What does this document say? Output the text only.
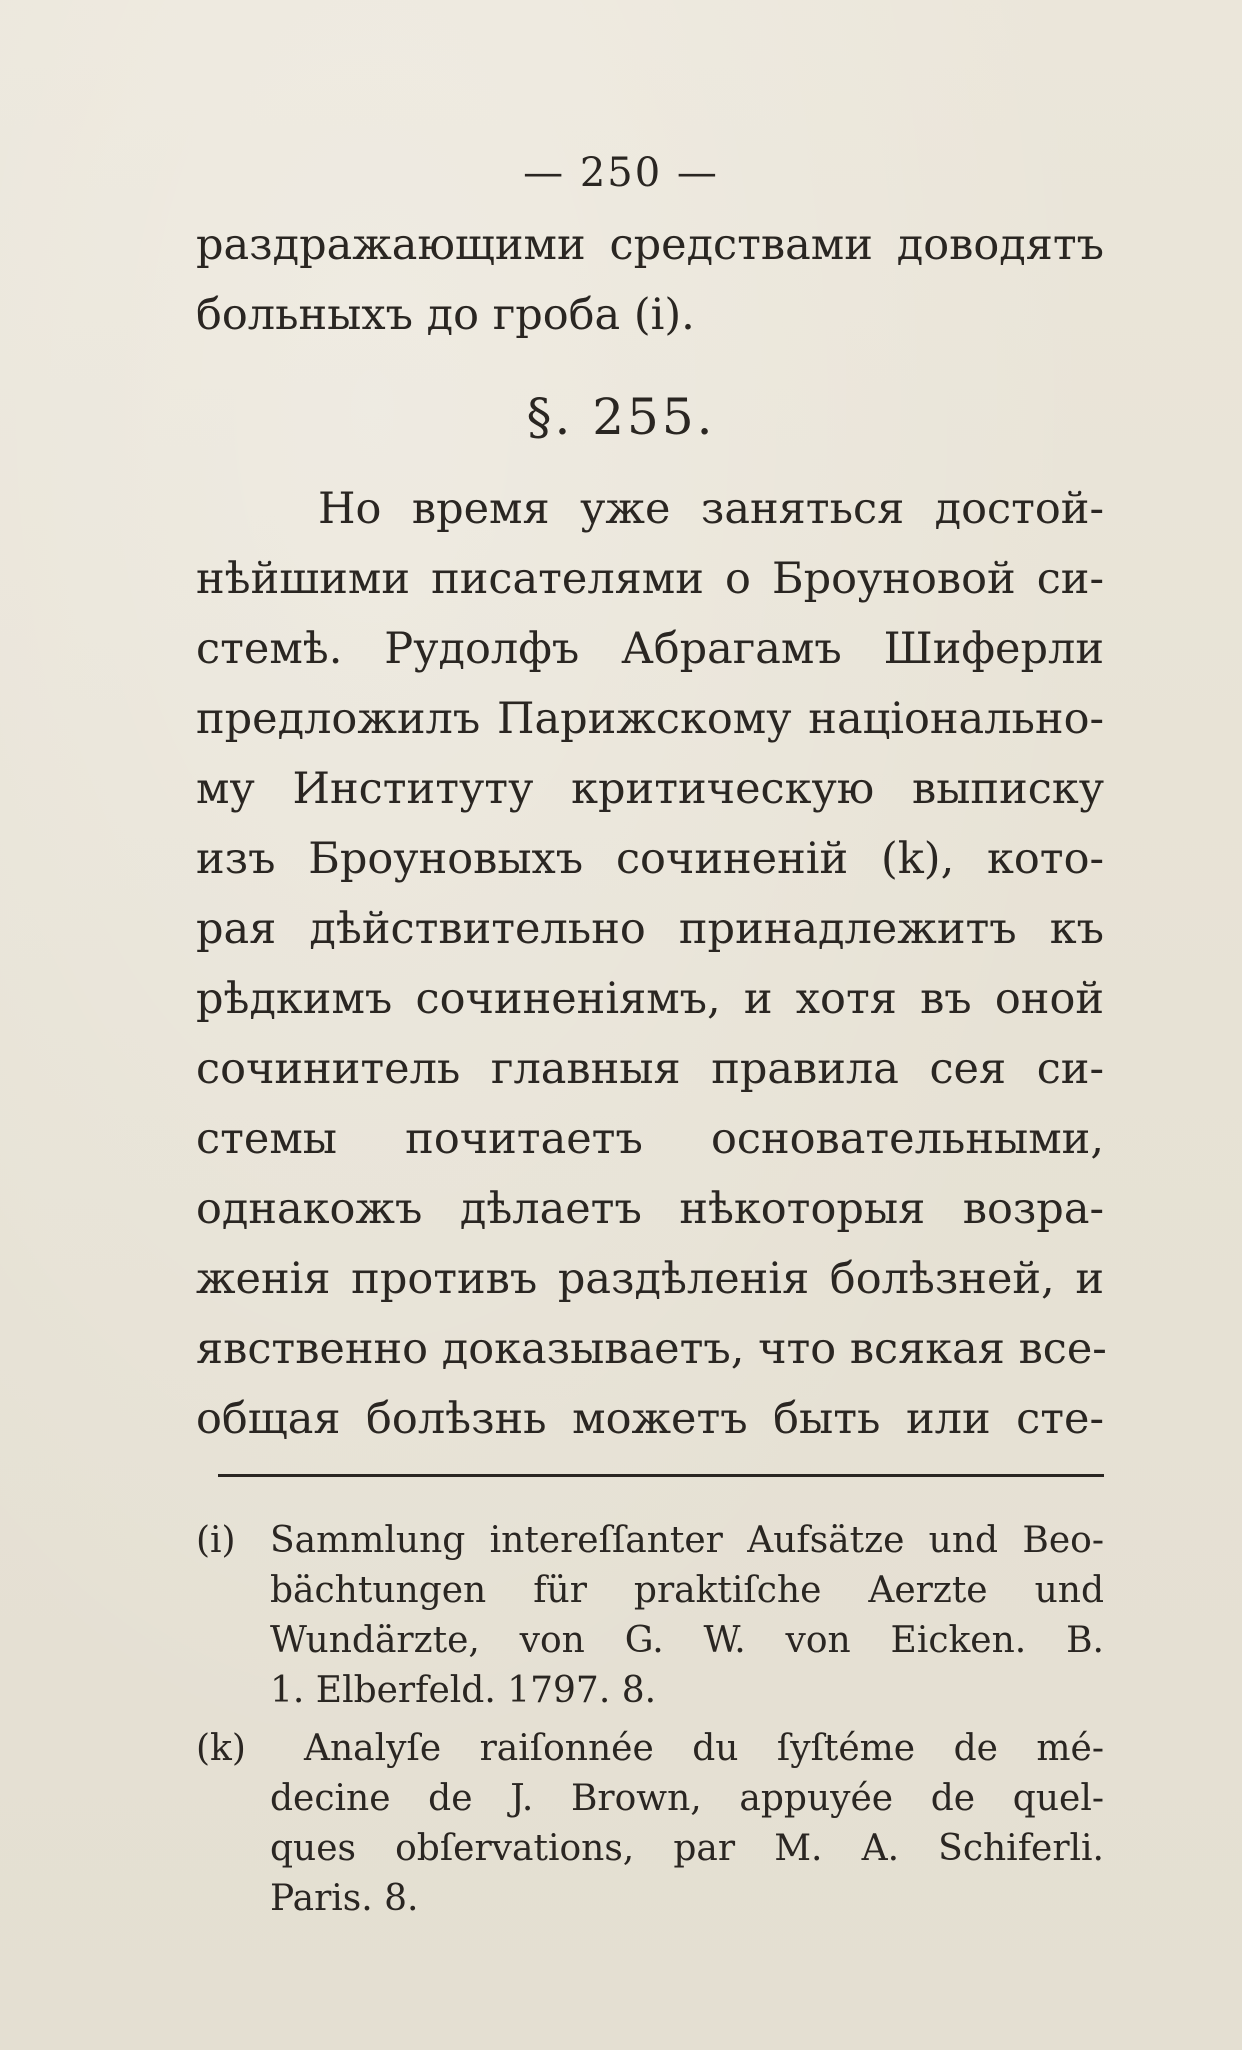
— 250 —
раздражающими средствами доводятъ
больныхъ до гроба (i).
§. 255.
Но время уже заняться достой-
нѣйшими писателями о Броуновой си-
стемѣ. Рудолфъ Абрагамъ Шиферли
предложилъ Парижскому національно-
му Институту критическую выписку
изъ Броуновыхъ сочиненій (k), кото-
рая дѣйствительно принадлежитъ къ
рѣдкимъ сочиненіямъ, и хотя въ оной
сочинитель главныя правила сея си-
стемы почитаетъ основательными,
однакожъ дѣлаетъ нѣкоторыя возра-
женія противъ раздѣленія болѣзней, и
явственно доказываетъ, что всякая все-
общая болѣзнь можетъ быть или сте-
(i) Sammlung intereſſanter Aufsätze und Beo-
bächtungen für praktiſche Aerzte und
Wundärzte, von G. W. von Eicken. B.
1. Elberfeld. 1797. 8.
(k) Analyſe raiſonnée du ſyſtéme de mé-
decine de J. Brown, appuyée de quel-
ques obſervations, par M. A. Schiferli.
Paris. 8.
